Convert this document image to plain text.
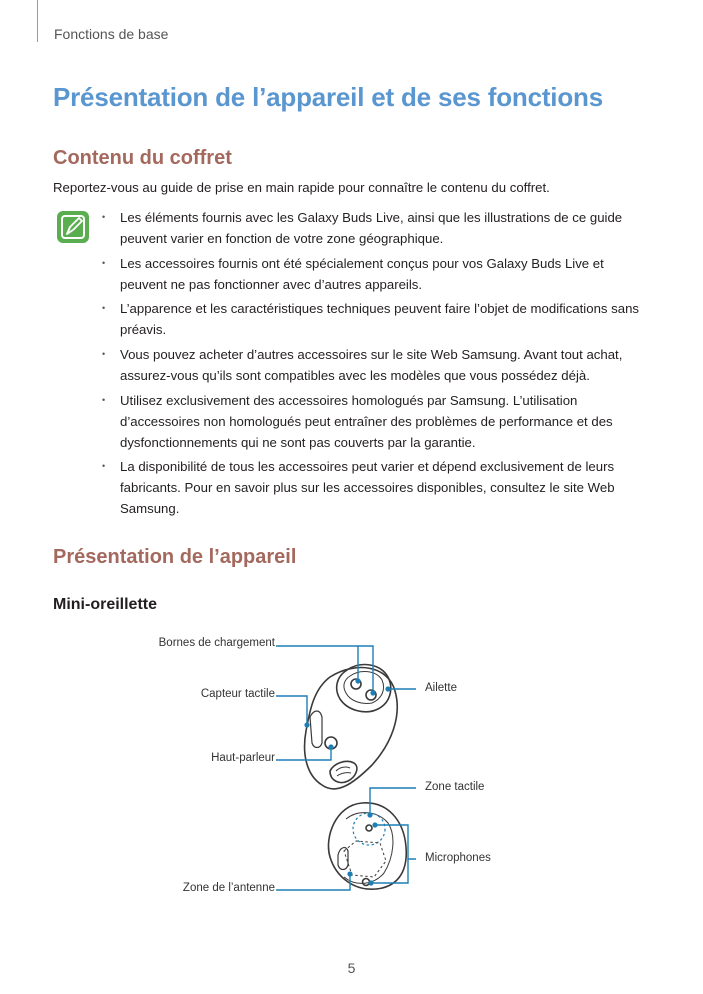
Fonctions de base
Présentation de l’appareil et de ses fonctions
Contenu du coffret
Reportez-vous au guide de prise en main rapide pour connaître le contenu du coffret.
• Les éléments fournis avec les Galaxy Buds Live, ainsi que les illustrations de ce guide peuvent varier en fonction de votre zone géographique.
• Les accessoires fournis ont été spécialement conçus pour vos Galaxy Buds Live et peuvent ne pas fonctionner avec d’autres appareils.
• L’apparence et les caractéristiques techniques peuvent faire l’objet de modifications sans préavis.
• Vous pouvez acheter d’autres accessoires sur le site Web Samsung. Avant tout achat, assurez-vous qu’ils sont compatibles avec les modèles que vous possédez déjà.
• Utilisez exclusivement des accessoires homologués par Samsung. L’utilisation d’accessoires non homologués peut entraîner des problèmes de performance et des dysfonctionnements qui ne sont pas couverts par la garantie.
• La disponibilité de tous les accessoires peut varier et dépend exclusivement de leurs fabricants. Pour en savoir plus sur les accessoires disponibles, consultez le site Web Samsung.
Présentation de l’appareil
Mini-oreillette
Bornes de chargement
Capteur tactile
Haut-parleur
Zone de l’antenne
Ailette
Zone tactile
Microphones
5
